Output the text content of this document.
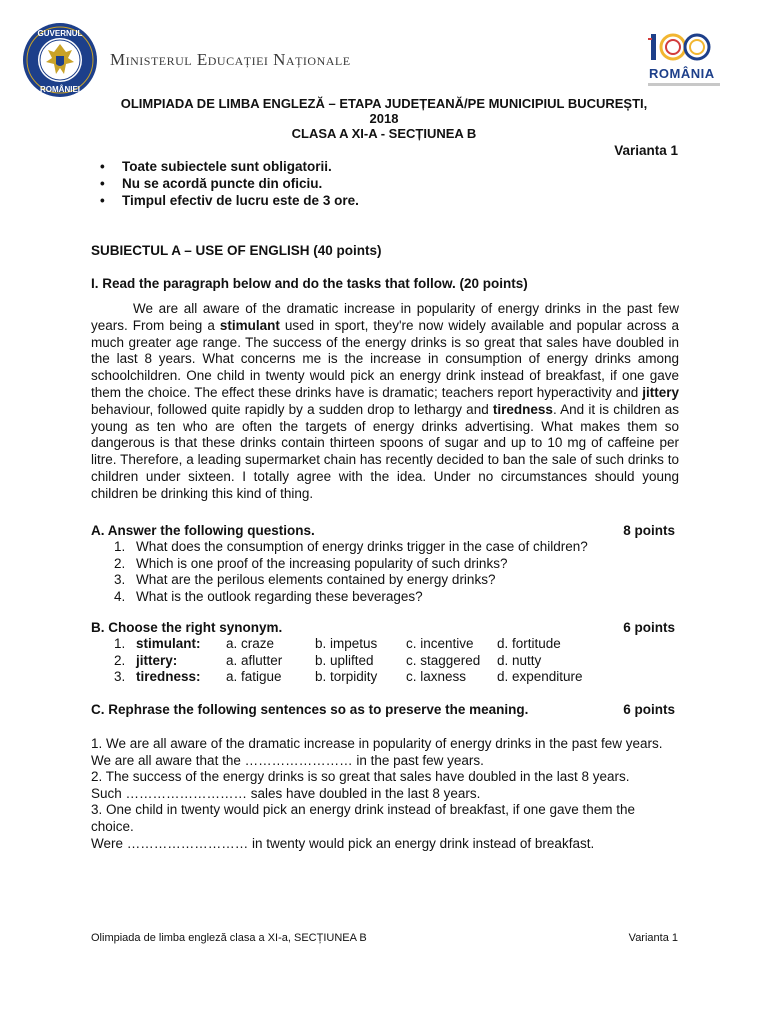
GUVERNUL
ROMÂNIEI
Ministerul Educației Naționale
ROMÂNIA
OLIMPIADA DE LIMBA ENGLEZĂ – ETAPA JUDEȚEANĂ/PE MUNICIPIUL BUCUREȘTI,
2018
CLASA A XI-A - SECȚIUNEA B
Varianta 1
• Toate subiectele sunt obligatorii.
• Nu se acordă puncte din oficiu.
• Timpul efectiv de lucru este de 3 ore.
SUBIECTUL A – USE OF ENGLISH (40 points)
I. Read the paragraph below and do the tasks that follow. (20 points)

We are all aware of the dramatic increase in popularity of energy drinks in the past few years. From being a stimulant used in sport, they're now widely available and popular across a much greater age range. The success of the energy drinks is so great that sales have doubled in the last 8 years. What concerns me is the increase in consumption of energy drinks among schoolchildren. One child in twenty would pick an energy drink instead of breakfast, if one gave them the choice. The effect these drinks have is dramatic; teachers report hyperactivity and jittery behaviour, followed quite rapidly by a sudden drop to lethargy and tiredness. And it is children as young as ten who are often the targets of energy drinks advertising. What makes them so dangerous is that these drinks contain thirteen spoons of sugar and up to 10 mg of caffeine per litre. Therefore, a leading supermarket chain has recently decided to ban the sale of such drinks to children under sixteen. I totally agree with the idea. Under no circumstances should young children be drinking this kind of thing.

A. Answer the following questions.	8 points
1. What does the consumption of energy drinks trigger in the case of children?
2. Which is one proof of the increasing popularity of such drinks?
3. What are the perilous elements contained by energy drinks?
4. What is the outlook regarding these beverages?
B. Choose the right synonym.	6 points
1.	stimulant:	a. craze	b. impetus	c. incentive	d. fortitude
2.	jittery:	a. aflutter	b. uplifted	c. staggered	d. nutty
3.	tiredness:	a. fatigue	b. torpidity	c. laxness	d. expenditure
C. Rephrase the following sentences so as to preserve the meaning.	6 points

1. We are all aware of the dramatic increase in popularity of energy drinks in the past few years.

We are all aware that the …………………… in the past few years.

2. The success of the energy drinks is so great that sales have doubled in the last 8 years.

Such ……………………… sales have doubled in the last 8 years.

3. One child in twenty would pick an energy drink instead of breakfast, if one gave them the choice.

Were ……………………… in twenty would pick an energy drink instead of breakfast.

Olimpiada de limba engleză clasa a XI-a, SECȚIUNEA B	Varianta 1
